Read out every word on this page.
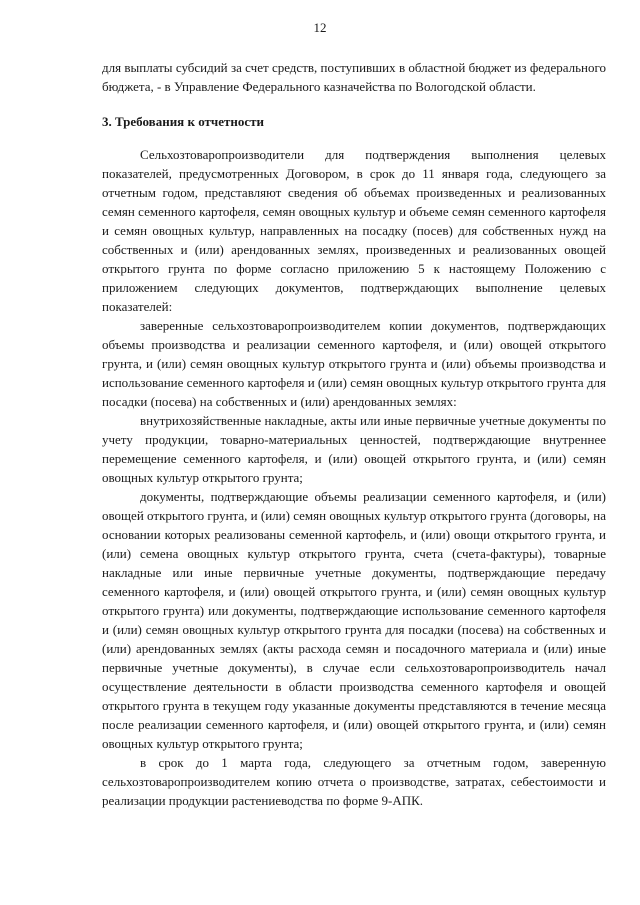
12

для выплаты субсидий за счет средств, поступивших в областной бюджет из федерального бюджета, - в Управление Федерального казначейства по Вологодской области.

3. Требования к отчетности

Сельхозтоваропроизводители для подтверждения выполнения целевых показателей, предусмотренных Договором, в срок до 11 января года, следующего за отчетным годом, представляют сведения об объемах произведенных и реализованных семян семенного картофеля, семян овощных культур и объеме семян семенного картофеля и семян овощных культур, направленных на посадку (посев) для собственных нужд на собственных и (или) арендованных землях, произведенных и реализованных овощей открытого грунта по форме согласно приложению 5 к настоящему Положению с приложением следующих документов, подтверждающих выполнение целевых показателей:

заверенные сельхозтоваропроизводителем копии документов, подтверждающих объемы производства и реализации семенного картофеля, и (или) овощей открытого грунта, и (или) семян овощных культур открытого грунта и (или) объемы производства и использование семенного картофеля и (или) семян овощных культур открытого грунта для посадки (посева) на собственных и (или) арендованных землях:

внутрихозяйственные накладные, акты или иные первичные учетные документы по учету продукции, товарно-материальных ценностей, подтверждающие внутреннее перемещение семенного картофеля, и (или) овощей открытого грунта, и (или) семян овощных культур открытого грунта;

документы, подтверждающие объемы реализации семенного картофеля, и (или) овощей открытого грунта, и (или) семян овощных культур открытого грунта (договоры, на основании которых реализованы семенной картофель, и (или) овощи открытого грунта, и (или) семена овощных культур открытого грунта, счета (счета-фактуры), товарные накладные или иные первичные учетные документы, подтверждающие передачу семенного картофеля, и (или) овощей открытого грунта, и (или) семян овощных культур открытого грунта) или документы, подтверждающие использование семенного картофеля и (или) семян овощных культур открытого грунта для посадки (посева) на собственных и (или) арендованных землях (акты расхода семян и посадочного материала и (или) иные первичные учетные документы), в случае если сельхозтоваропроизводитель начал осуществление деятельности в области производства семенного картофеля и овощей открытого грунта в текущем году указанные документы представляются в течение месяца после реализации семенного картофеля, и (или) овощей открытого грунта, и (или) семян овощных культур открытого грунта;

в срок до 1 марта года, следующего за отчетным годом, заверенную сельхозтоваропроизводителем копию отчета о производстве, затратах, себестоимости и реализации продукции растениеводства по форме 9-АПК.
